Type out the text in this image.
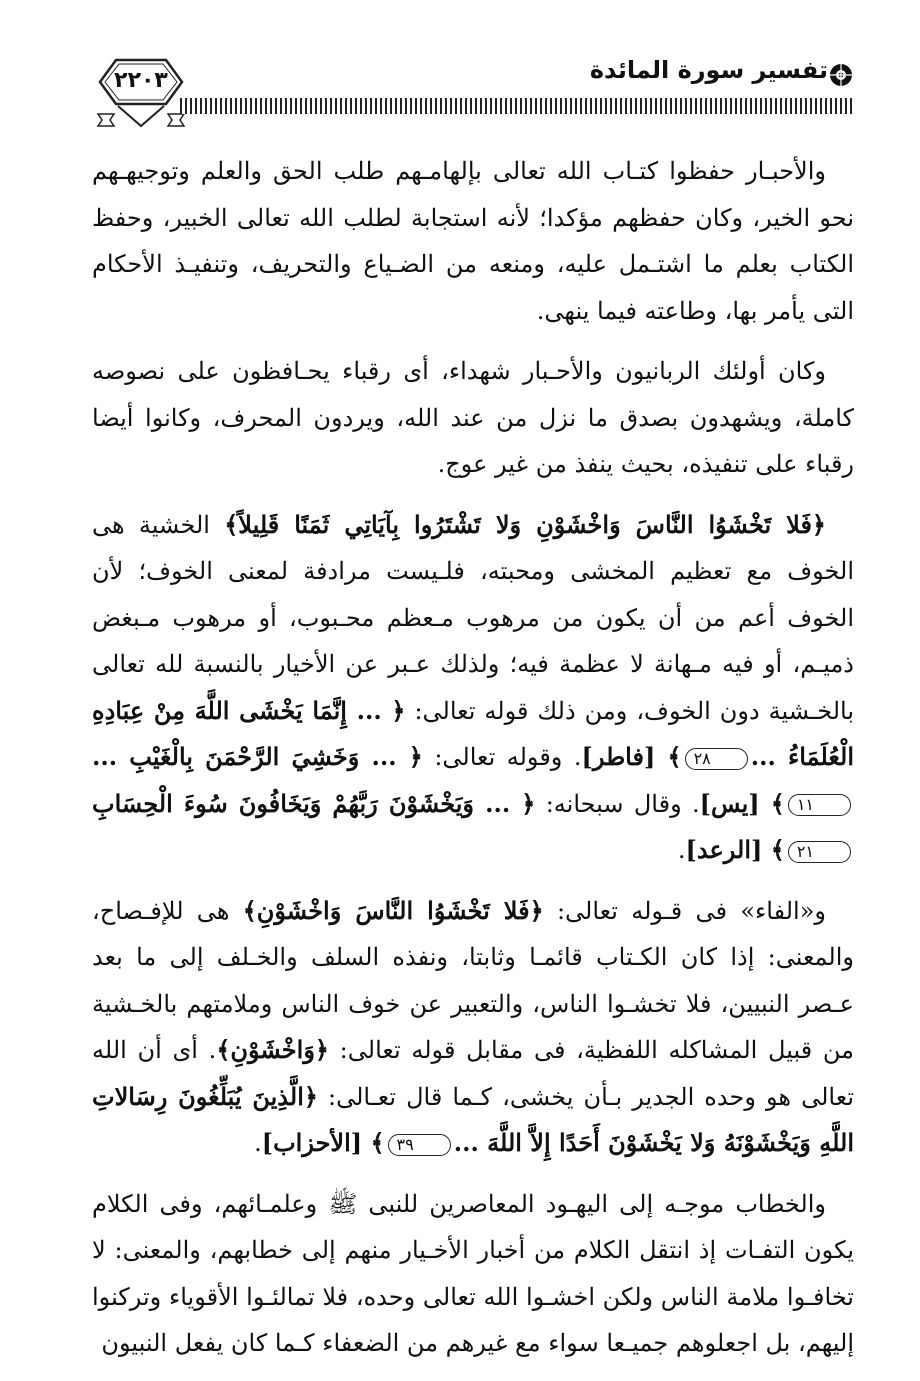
٢٢٠٣	تفسير سورة المائدة

والأحبـار حفظوا كتـاب الله تعالى بإلهامـهم طلب الحق والعلم وتوجيهـهم نحو الخير، وكان حفظهم مؤكدا؛ لأنه استجابة لطلب الله تعالى الخبير، وحفظ الكتاب بعلم ما اشتـمل عليه، ومنعه من الضـياع والتحريف، وتنفيـذ الأحكام التى يأمر بها، وطاعته فيما ينهى.

وكان أولئك الربانيون والأحـبار شهداء، أى رقباء يحـافظون على نصوصه كاملة، ويشهدون بصدق ما نزل من عند الله، ويردون المحرف، وكانوا أيضا رقباء على تنفيذه، بحيث ينفذ من غير عوج.

﴿فَلا تَخْشَوُا النَّاسَ وَاخْشَوْنِ وَلا تَشْتَرُوا بِآيَاتِي ثَمَنًا قَلِيلاً﴾ الخشية هى الخوف مع تعظيم المخشى ومحبته، فلـيست مرادفة لمعنى الخوف؛ لأن الخوف أعم من أن يكون من مرهوب مـعظم محـبوب، أو مرهوب مـبغض ذميـم، أو فيه مـهانة لا عظمة فيه؛ ولذلك عـبر عن الأخيار بالنسبة لله تعالى بالخـشية دون الخوف، ومن ذلك قوله تعالى: ﴿ ... إِنَّمَا يَخْشَى اللَّهَ مِنْ عِبَادِهِ الْعُلَمَاءُ ...٢٨﴾ [فاطر]. وقوله تعالى: ﴿ ... وَخَشِيَ الرَّحْمَنَ بِالْغَيْبِ ...١١﴾ [يس]. وقال سبحانه: ﴿ ... وَيَخْشَوْنَ رَبَّهُمْ وَيَخَافُونَ سُوءَ الْحِسَابِ٢١﴾ [الرعد].

و«الفاء» فى قـوله تعالى: ﴿فَلا تَخْشَوُا النَّاسَ وَاخْشَوْنِ﴾ هى للإفـصاح، والمعنى: إذا كان الكـتاب قائمـا وثابتا، ونفذه السلف والخـلف إلى ما بعد عـصر النبيين، فلا تخشـوا الناس، والتعبير عن خوف الناس وملامتهم بالخـشية من قبيل المشاكله اللفظية، فى مقابل قوله تعالى: ﴿وَاخْشَوْنِ﴾. أى أن الله تعالى هو وحده الجدير بـأن يخشى، كـما قال تعـالى: ﴿الَّذِينَ يُبَلِّغُونَ رِسَالاتِ اللَّهِ وَيَخْشَوْنَهُ وَلا يَخْشَوْنَ أَحَدًا إِلاَّ اللَّهَ ...٣٩﴾ [الأحزاب].

والخطاب موجـه إلى اليهـود المعاصرين للنبى ﷺ وعلمـائهم، وفى الكلام يكون التفـات إذ انتقل الكلام من أخبار الأخـيار منهم إلى خطابهم، والمعنى: لا تخافـوا ملامة الناس ولكن اخشـوا الله تعالى وحده، فلا تمالئـوا الأقوياء وتركنوا إليهم، بل اجعلوهم جميـعا سواء مع غيرهم من الضعفاء كـما كان يفعل النبيون
